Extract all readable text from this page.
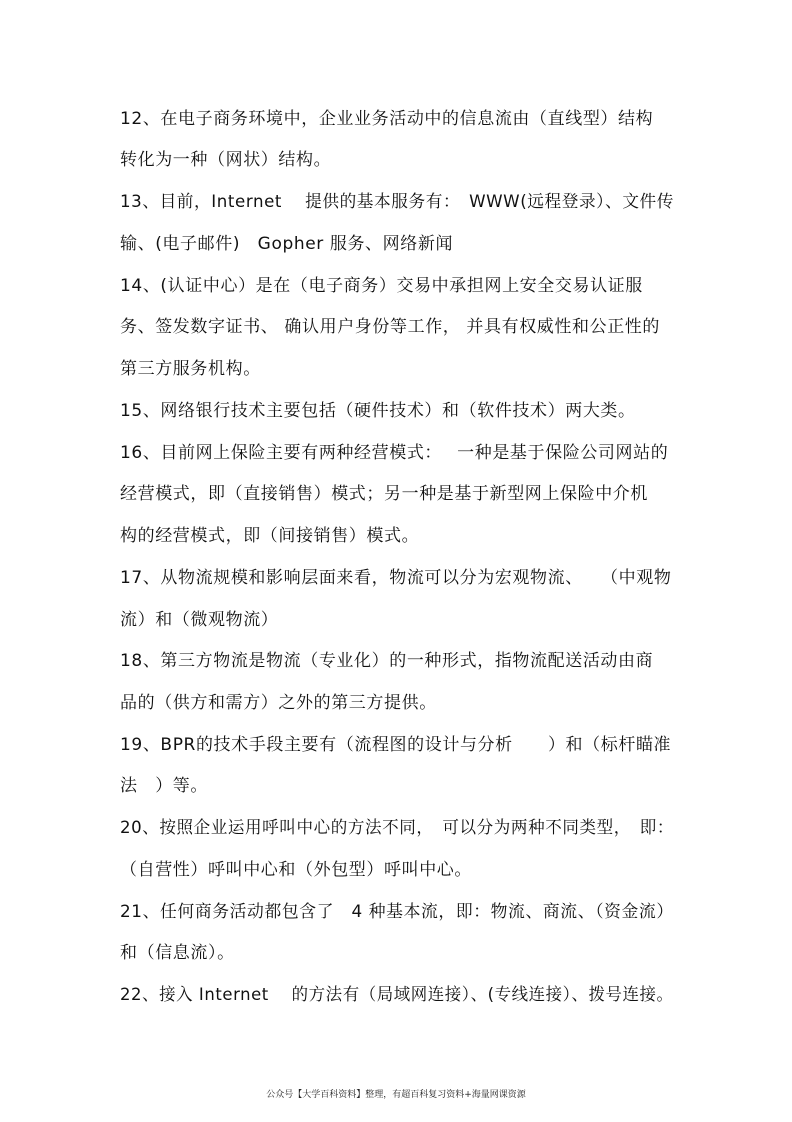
12、在电子商务环境中，企业业务活动中的信息流由（直线型）结构
转化为一种（网状）结构。
13、目前，Internet　 提供的基本服务有：　WWW(远程登录）、文件传
输、(电子邮件)　Gopher 服务、网络新闻
14、(认证中心）是在（电子商务）交易中承担网上安全交易认证服
务、签发数字证书、 确认用户身份等工作， 并具有权威性和公正性的
第三方服务机构。
15、网络银行技术主要包括（硬件技术）和（软件技术）两大类。
16、目前网上保险主要有两种经营模式：　 一种是基于保险公司网站的
经营模式，即（直接销售）模式；另一种是基于新型网上保险中介机
构的经营模式，即（间接销售）模式。
17、从物流规模和影响层面来看，物流可以分为宏观物流、　　（中观物
流）和（微观物流）
18、第三方物流是物流（专业化）的一种形式，指物流配送活动由商
品的（供方和需方）之外的第三方提供。
19、BPR的技术手段主要有（流程图的设计与分析　　）和（标杆瞄准
法　）等。
20、按照企业运用呼叫中心的方法不同，　可以分为两种不同类型，　即：
（自营性）呼叫中心和（外包型）呼叫中心。
21、任何商务活动都包含了　4 种基本流，即：物流、商流、（资金流）
和（信息流）。
22、接入 Internet　 的方法有（局域网连接）、(专线连接）、拨号连接。
公众号【大学百科资料】整理，有超百科复习资料+海量网课资源
